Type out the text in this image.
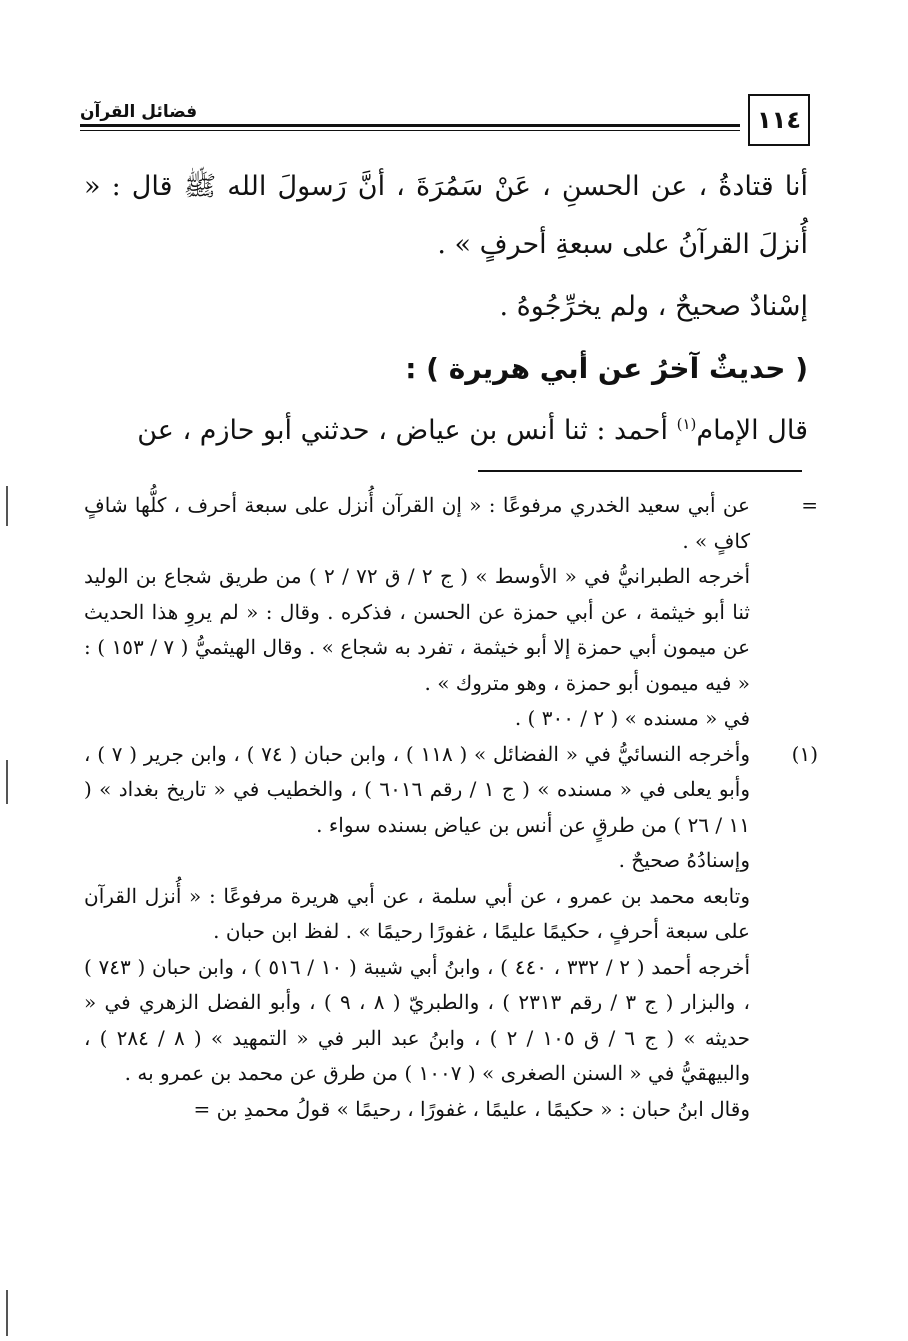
فضائل القرآن	١١٤

أنا قتادةُ ، عن الحسنِ ، عَنْ سَمُرَةَ ، أنَّ رَسولَ الله ﷺ قال : « أُنزلَ القرآنُ على سبعةِ أحرفٍ » .

إسْنادٌ صحيحٌ ، ولم يخرِّجُوهُ .

( حديثٌ آخرُ عن أبي هريرة ) :

قال الإمام$^{(١)}$ أحمد : ثنا أنس بن عياض ، حدثني أبو حازم ، عن

=
(١)

عن أبي سعيد الخدري مرفوعًا : « إن القرآن أُنزل على سبعة أحرف ، كلُّها شافٍ كافٍ » .

أخرجه الطبرانيُّ في « الأوسط » ( ج ٢ / ق ٧٢ / ٢ ) من طريق شجاع بن الوليد ثنا أبو خيثمة ، عن أبي حمزة عن الحسن ، فذكره . وقال : « لم يروِ هذا الحديث عن ميمون أبي حمزة إلا أبو خيثمة ، تفرد به شجاع » . وقال الهيثميُّ ( ٧ / ١٥٣ ) : « فيه ميمون أبو حمزة ، وهو متروك » .

في « مسنده » ( ٢ / ٣٠٠ ) .

وأخرجه النسائيُّ في « الفضائل » ( ١١٨ ) ، وابن حبان ( ٧٤ ) ، وابن جرير ( ٧ ) ، وأبو يعلى في « مسنده » ( ج ١ / رقم ٦٠١٦ ) ، والخطيب في « تاريخ بغداد » ( ١١ / ٢٦ ) من طرقٍ عن أنس بن عياض بسنده سواء .

وإسنادُهُ صحيحٌ .

وتابعه محمد بن عمرو ، عن أبي سلمة ، عن أبي هريرة مرفوعًا : « أُنزل القرآن على سبعة أحرفٍ ، حكيمًا عليمًا ، غفورًا رحيمًا » . لفظ ابن حبان .

أخرجه أحمد ( ٢ / ٣٣٢ ، ٤٤٠ ) ، وابنُ أبي شيبة ( ١٠ / ٥١٦ ) ، وابن حبان ( ٧٤٣ ) ، والبزار ( ج ٣ / رقم ٢٣١٣ ) ، والطبريّ ( ٨ ، ٩ ) ، وأبو الفضل الزهري في « حديثه » ( ج ٦ / ق ١٠٥ / ٢ ) ، وابنُ عبد البر في « التمهيد » ( ٨ / ٢٨٤ ) ، والبيهقيُّ في « السنن الصغرى » ( ١٠٠٧ ) من طرق عن محمد بن عمرو به .

وقال ابنُ حبان : « حكيمًا ، عليمًا ، غفورًا ، رحيمًا » قولُ محمدِ بن =
